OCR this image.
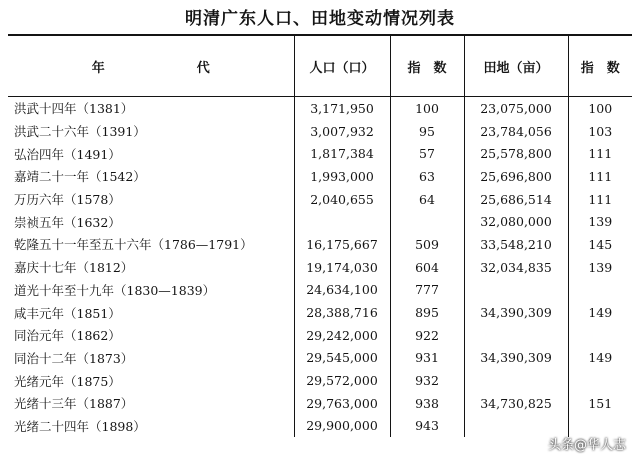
明清广东人口、田地变动情况列表
年 代	人口（口）	指　数	田地（亩）	指　数
洪武十四年（1381）	3,171,950	100	23,075,000	100
洪武二十六年（1391）	3,007,932	95	23,784,056	103
弘治四年（1491）	1,817,384	57	25,578,800	111
嘉靖二十一年（1542）	1,993,000	63	25,696,800	111
万历六年（1578）	2,040,655	64	25,686,514	111
崇祯五年（1632）			32,080,000	139
乾隆五十一年至五十六年（1786—1791）	16,175,667	509	33,548,210	145
嘉庆十七年（1812）	19,174,030	604	32,034,835	139
道光十年至十九年（1830—1839）	24,634,100	777		
咸丰元年（1851）	28,388,716	895	34,390,309	149
同治元年（1862）	29,242,000	922		
同治十二年（1873）	29,545,000	931	34,390,309	149
光绪元年（1875）	29,572,000	932		
光绪十三年（1887）	29,763,000	938	34,730,825	151
光绪二十四年（1898）	29,900,000	943		
头条@华人志
